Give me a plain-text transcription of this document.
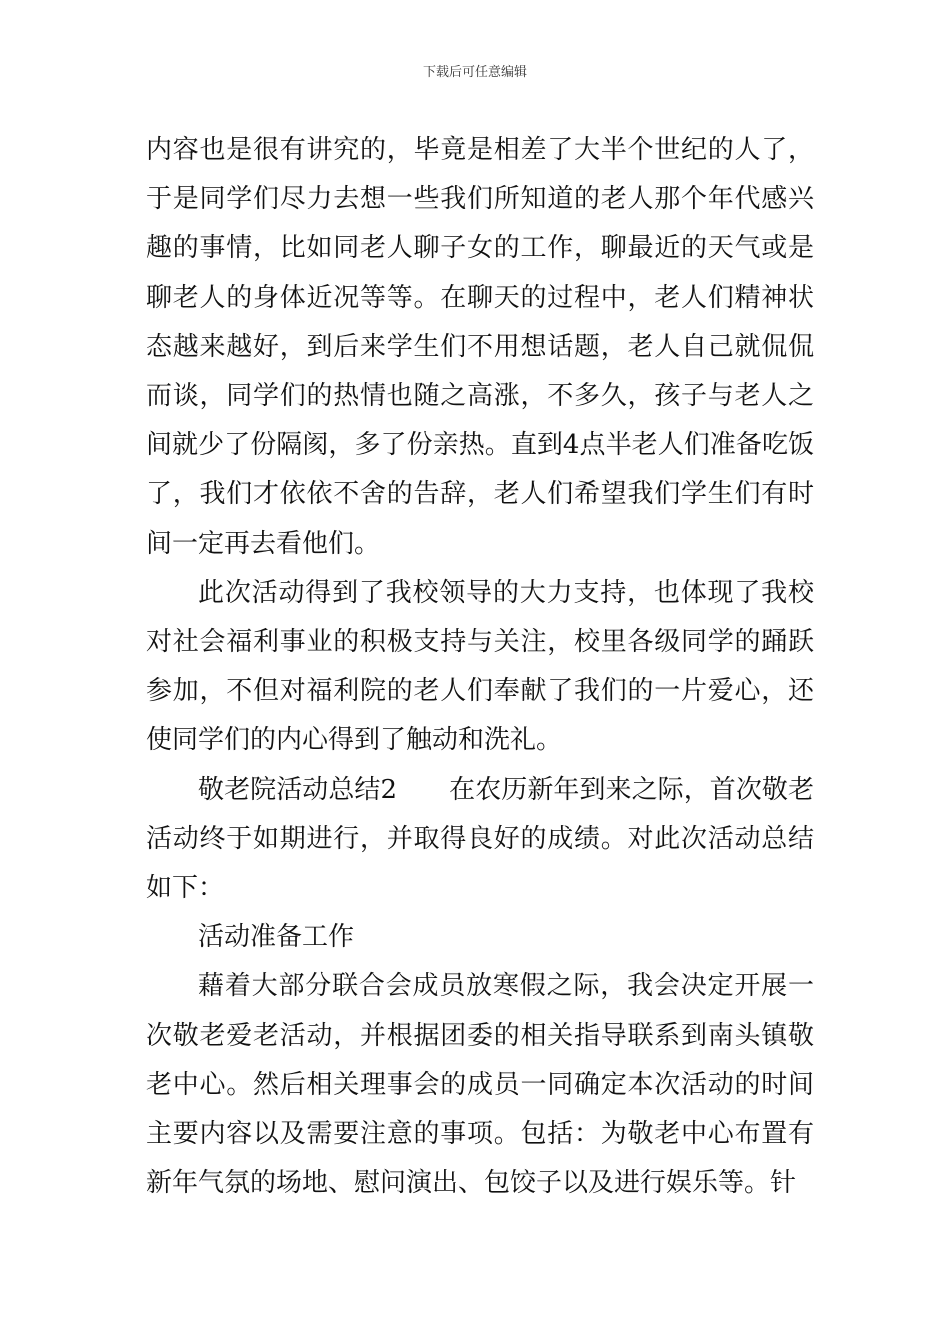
下载后可任意编辑

内容也是很有讲究的，毕竟是相差了大半个世纪的人了，于是同学们尽力去想一些我们所知道的老人那个年代感兴趣的事情，比如同老人聊子女的工作，聊最近的天气或是聊老人的身体近况等等。在聊天的过程中，老人们精神状态越来越好，到后来学生们不用想话题，老人自己就侃侃而谈，同学们的热情也随之高涨，不多久，孩子与老人之间就少了份隔阂，多了份亲热。直到4点半老人们准备吃饭了，我们才依依不舍的告辞，老人们希望我们学生们有时间一定再去看他们。

此次活动得到了我校领导的大力支持，也体现了我校对社会福利事业的积极支持与关注，校里各级同学的踊跃参加，不但对福利院的老人们奉献了我们的一片爱心，还使同学们的内心得到了触动和洗礼。

敬老院活动总结2　　在农历新年到来之际，首次敬老活动终于如期进行，并取得良好的成绩。对此次活动总结如下：

活动准备工作

藉着大部分联合会成员放寒假之际，我会决定开展一次敬老爱老活动，并根据团委的相关指导联系到南头镇敬老中心。然后相关理事会的成员一同确定本次活动的时间主要内容以及需要注意的事项。包括：为敬老中心布置有新年气氛的场地、慰问演出、包饺子以及进行娱乐等。针
